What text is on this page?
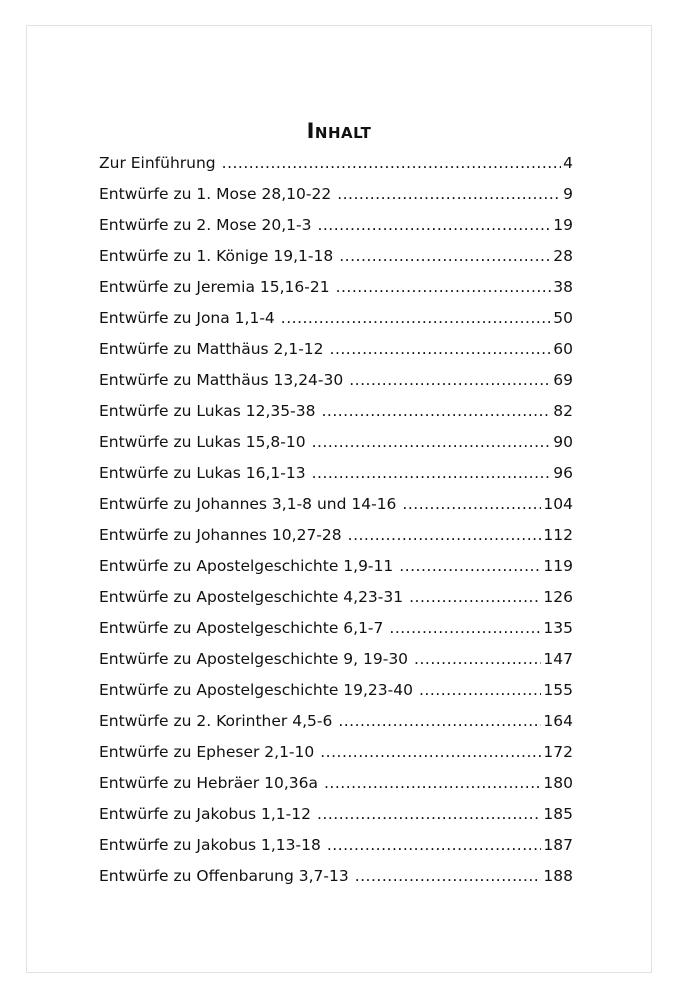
Inhalt
Zur Einführung .....	4
Entwürfe zu 1. Mose 28,10-22 .....	9
Entwürfe zu 2. Mose 20,1-3 .....	19
Entwürfe zu 1. Könige 19,1-18 .....	28
Entwürfe zu Jeremia 15,16-21 .....	38
Entwürfe zu Jona 1,1-4 .....	50
Entwürfe zu Matthäus 2,1-12 .....	60
Entwürfe zu Matthäus 13,24-30 .....	69
Entwürfe zu Lukas 12,35-38 .....	82
Entwürfe zu Lukas 15,8-10 .....	90
Entwürfe zu Lukas 16,1-13 .....	96
Entwürfe zu Johannes 3,1-8 und 14-16 .....	104
Entwürfe zu Johannes 10,27-28 .....	112
Entwürfe zu Apostelgeschichte 1,9-11 .....	119
Entwürfe zu Apostelgeschichte 4,23-31 .....	126
Entwürfe zu Apostelgeschichte 6,1-7 .....	135
Entwürfe zu Apostelgeschichte 9, 19-30 .....	147
Entwürfe zu Apostelgeschichte 19,23-40 .....	155
Entwürfe zu 2. Korinther 4,5-6 .....	164
Entwürfe zu Epheser 2,1-10 .....	172
Entwürfe zu Hebräer 10,36a .....	180
Entwürfe zu Jakobus 1,1-12 .....	185
Entwürfe zu Jakobus 1,13-18 .....	187
Entwürfe zu Offenbarung 3,7-13 .....	188
